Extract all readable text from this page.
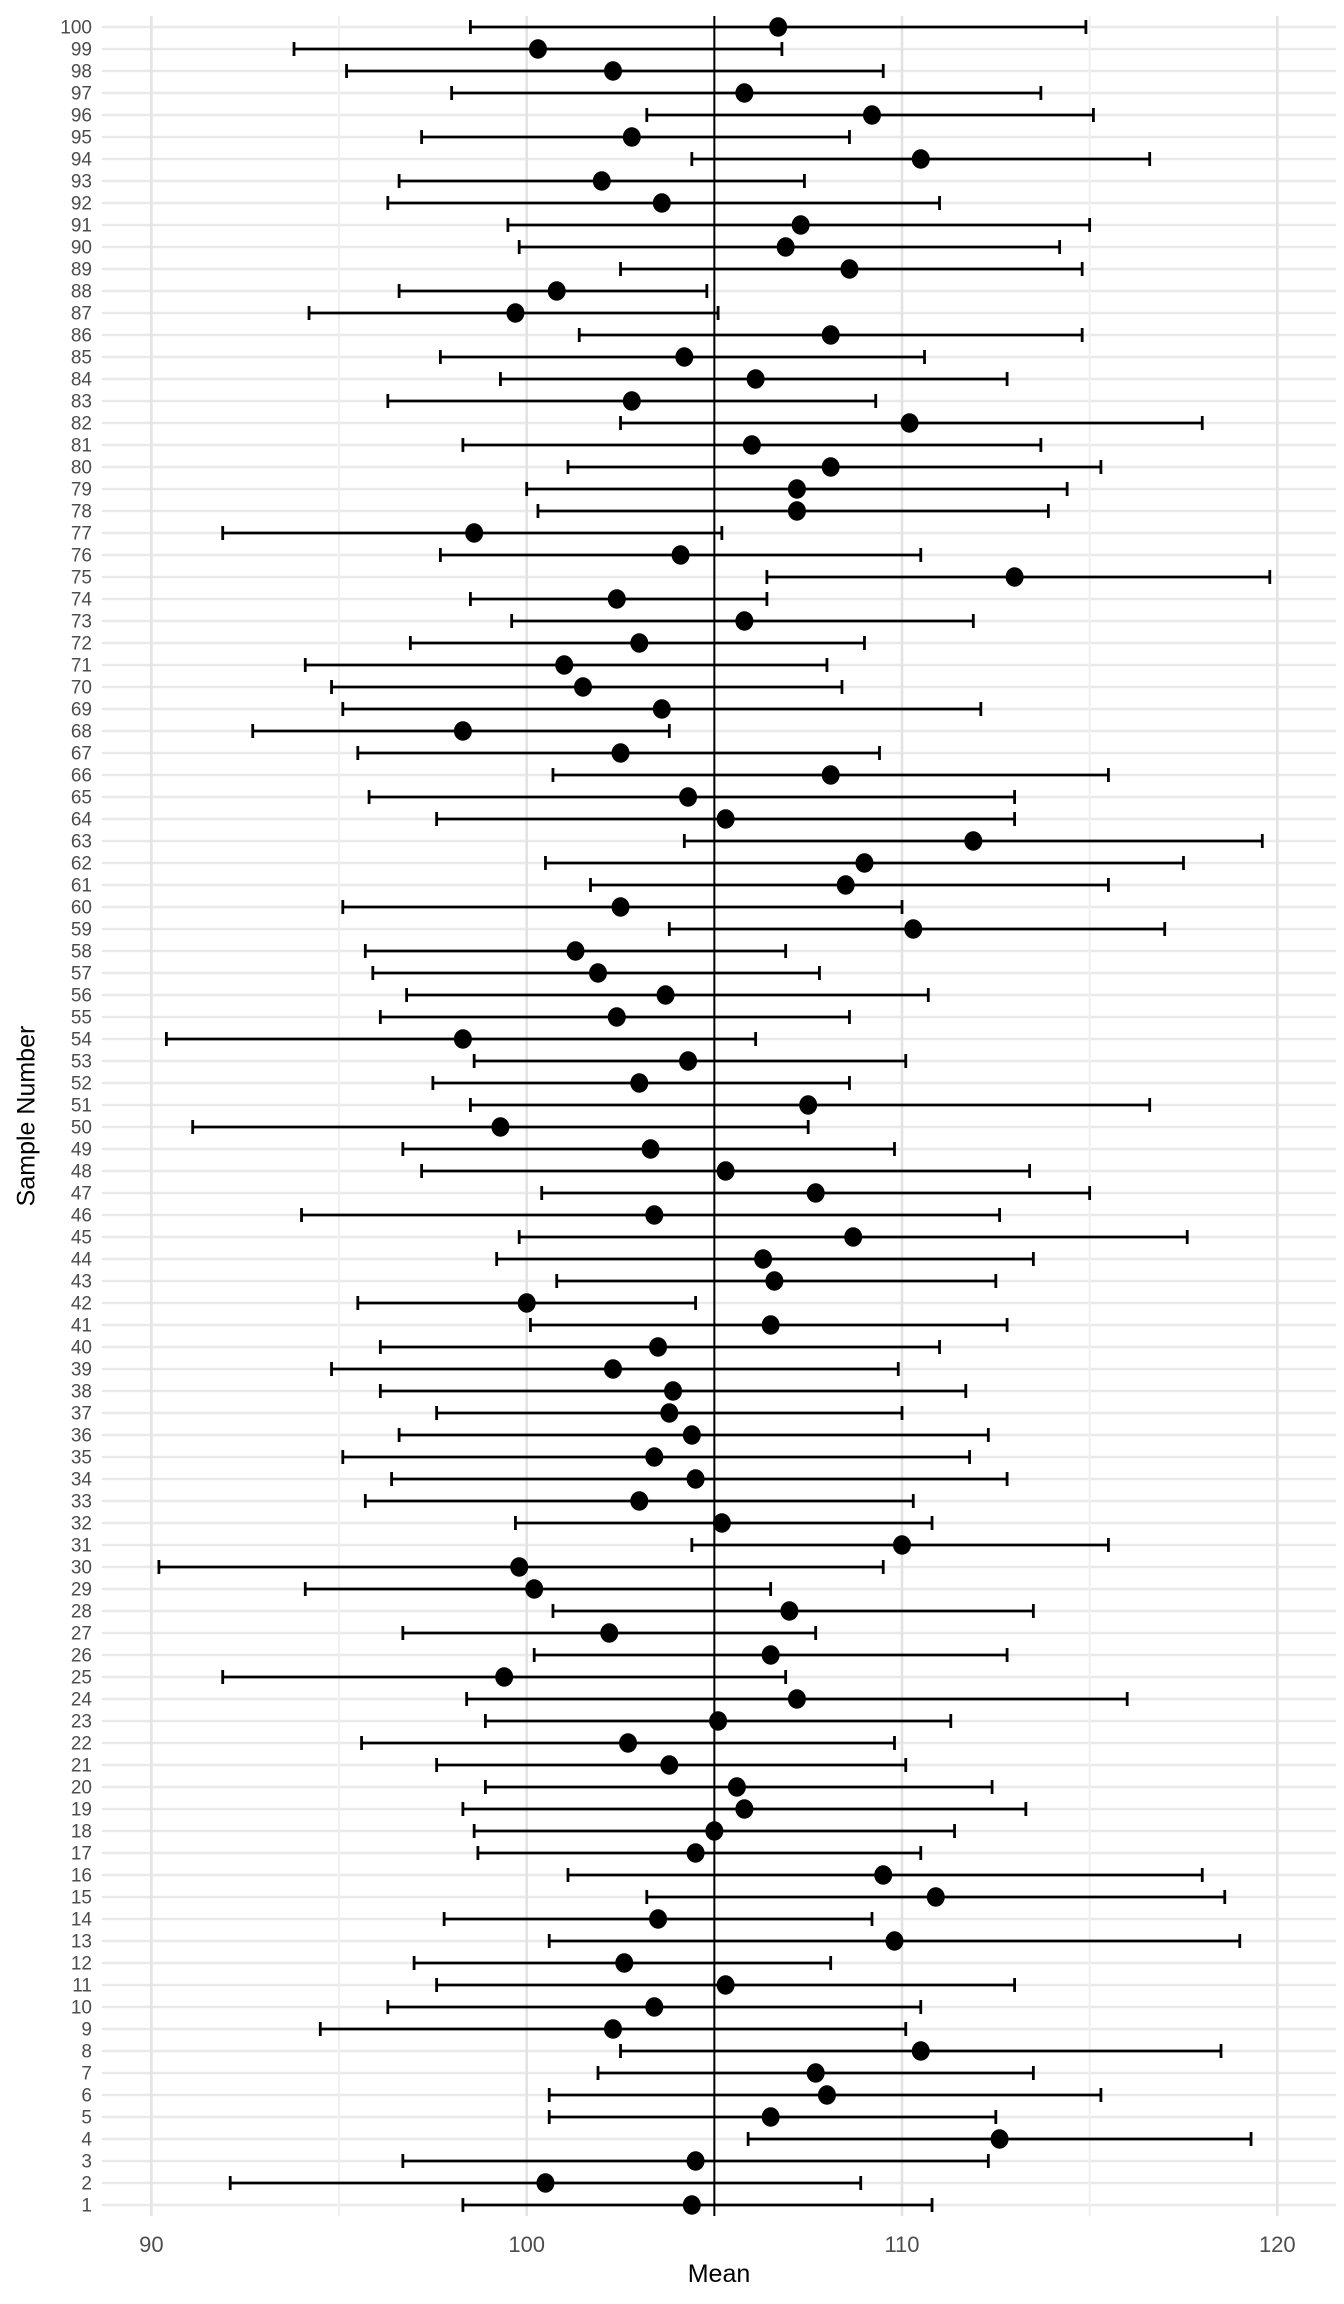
1
2
3
4
5
6
7
8
9
10
11
12
13
14
15
16
17
18
19
20
21
22
23
24
25
26
27
28
29
30
31
32
33
34
35
36
37
38
39
40
41
42
43
44
45
46
47
48
49
50
51
52
53
54
55
56
57
58
59
60
61
62
63
64
65
66
67
68
69
70
71
72
73
74
75
76
77
78
79
80
81
82
83
84
85
86
87
88
89
90
91
92
93
94
95
96
97
98
99
100
90	100	110	120
Sample Number
Mean
